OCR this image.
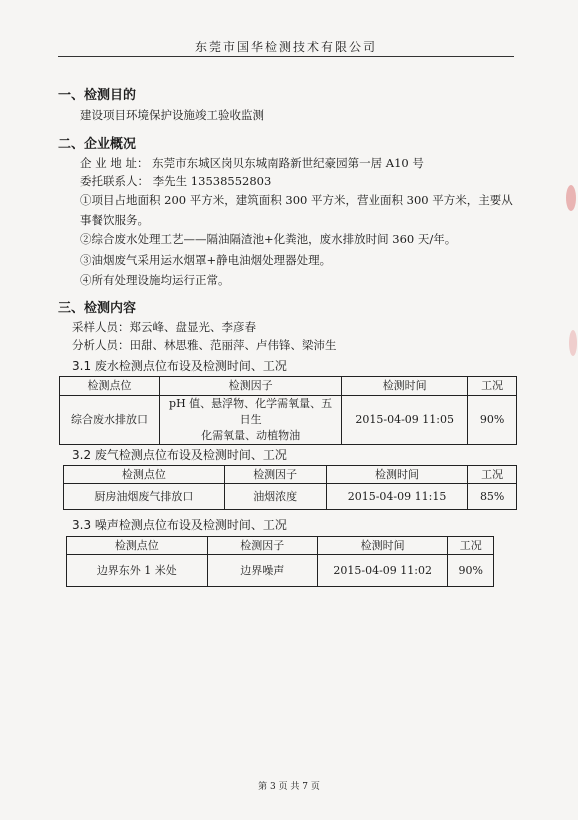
东莞市国华检测技术有限公司
一、检测目的
建设项目环境保护设施竣工验收监测
二、企业概况
企 业 地 址： 东莞市东城区岗贝东城南路新世纪豪园第一居 A10 号
委托联系人： 李先生 13538552803
①项目占地面积 200 平方米，建筑面积 300 平方米，营业面积 300 平方米，主要从
事餐饮服务。
②综合废水处理工艺——隔油隔渣池+化粪池，废水排放时间 360 天/年。
③油烟废气采用运水烟罩+静电油烟处理器处理。
④所有处理设施均运行正常。
三、检测内容
采样人员：郑云峰、盘显光、李彦春
分析人员：田甜、林思雅、范丽萍、卢伟锋、梁沛生
3.1 废水检测点位布设及检测时间、工况
检测点位	检测因子	检测时间	工况
综合废水排放口	pH 值、悬浮物、化学需氧量、五日生
化需氧量、动植物油	2015-04-09 11:05	90%
3.2 废气检测点位布设及检测时间、工况
检测点位	检测因子	检测时间	工况
厨房油烟废气排放口	油烟浓度	2015-04-09 11:15	85%
3.3 噪声检测点位布设及检测时间、工况
检测点位	检测因子	检测时间	工况
边界东外 1 米处	边界噪声	2015-04-09 11:02	90%
第 3 页 共 7 页
